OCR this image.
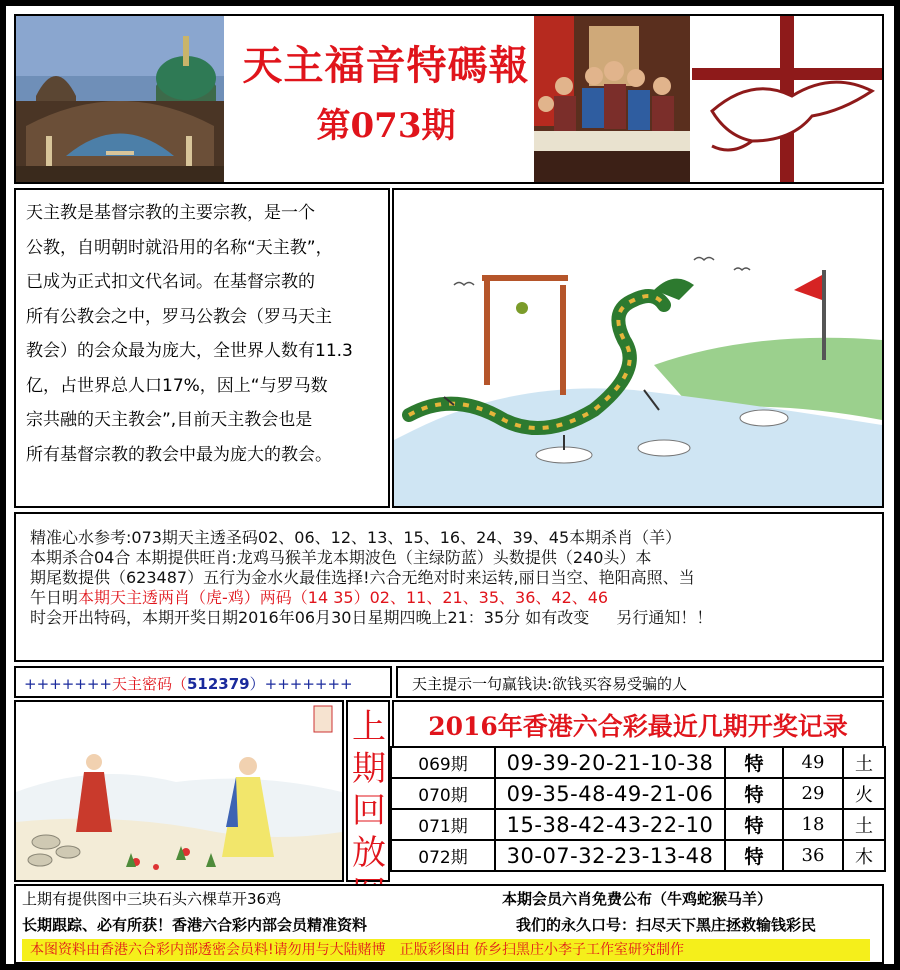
天主福音特碼報
第073期

天主教是基督宗教的主要宗教，是一个

公教，自明朝时就沿用的名称“天主教”，

已成为正式扣文代名词。在基督宗教的

所有公教会之中，罗马公教会（罗马天主

教会）的会众最为庞大，全世界人数有11.3

亿，占世界总人口17%，因上“与罗马数

宗共融的天主教会”,目前天主教会也是

所有基督宗教的教会中最为庞大的教会。

精准心水参考:073期天主透圣码02、06、12、13、15、16、24、39、45本期杀肖（羊）
本期杀合04合 本期提供旺肖:龙鸡马猴羊龙本期波色（主绿防蓝）头数提供（240头）本
期尾数提供（623487）五行为金水火最佳选择!六合无绝对时来运转,丽日当空、艳阳高照、当
午日明本期天主透两肖（虎-鸡）两码（14 35）02、11、21、35、36、42、46
时会开出特码，本期开奖日期2016年06月30日星期四晚上21：35分 如有改变 另行通知！！
+++++++天主密码（512379）+++++++	天主提示一句赢钱诀:欲钱买容易受骗的人
上期回放
2016年香港六合彩最近几期开奖记录
069期	09-39-20-21-10-38	特	49	土
070期	09-35-48-49-21-06	特	29	火
071期	15-38-42-43-22-10	特	18	土
072期	30-07-32-23-13-48	特	36	木
上期有提供图中三块石头六棵草开36鸡	本期会员六肖免费公布（牛鸡蛇猴马羊）
长期跟踪、必有所获！香港六合彩内部会员精准资料	我们的永久口号：扫尽天下黑庄拯救输钱彩民
本图资料由香港六合彩内部透密会员料!请勿用与大陆赌博　正版彩图由 侨乡扫黑庄小李子工作室研究制作
